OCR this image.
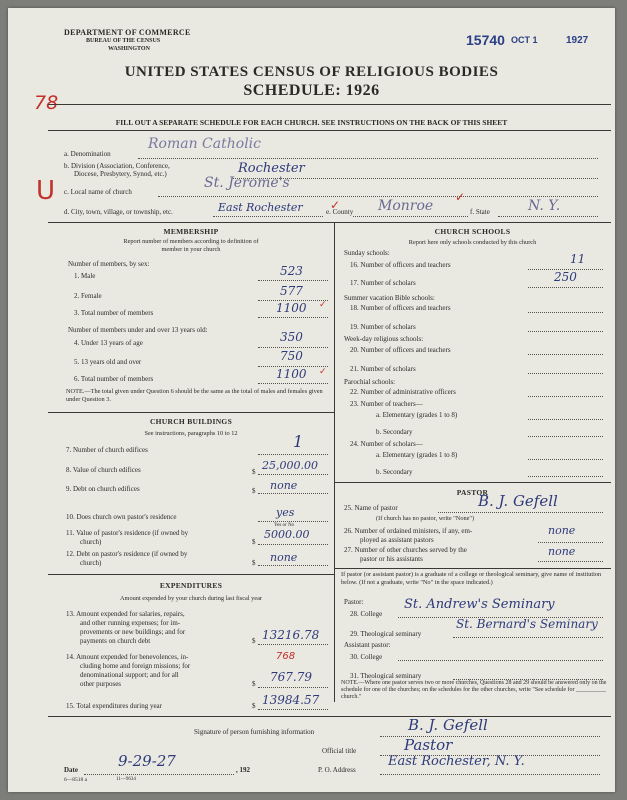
DEPARTMENT OF COMMERCE
BUREAU OF THE CENSUS
WASHINGTON
15740 OCT 1	1927
UNITED STATES CENSUS OF RELIGIOUS BODIES
SCHEDULE: 1926
78
FILL OUT A SEPARATE SCHEDULE FOR EACH CHURCH. SEE INSTRUCTIONS ON THE BACK OF THIS SHEET
a. Denomination
Roman Catholic
b. Division (Association, Conference,
Diocese, Presbytery, Synod, etc.)	Rochester
c. Local name of church
St. Jerome's
U
d. City, town, village, or township, etc.	East Rochester	e. County Monroe	f. State	N. Y.
MEMBERSHIP
Report number of members according to definition of
member in your church
Number of members, by sex:
1. Male	523
2. Female	577
3. Total number of members	1100
Number of members under and over 13 years old:
4. Under 13 years of age	350
5. 13 years old and over	750
6. Total number of members	1100
NOTE.—The total given under Question 6 should be the same as the total of males and females given under Question 3.
CHURCH BUILDINGS
See instructions, paragraphs 10 to 12
7. Number of church edifices	1
8. Value of church edifices	$ 25,000.00
9. Debt on church edifices	$ none
10. Does church own pastor's residence	yes
Yes or No
11. Value of pastor's residence (if owned by
church)	$
5000.00
12. Debt on pastor's residence (if owned by
church)	$ none
EXPENDITURES
Amount expended by your church during last fiscal year
13. Amount expended for salaries, repairs,
and other running expenses; for im-
provements or new buildings; and for
payments on church debt	$ 13216.78
14. Amount expended for benevolences, in-
cluding home and foreign missions; for
denominational support; and for all
other purposes
768
$ 767.79
15. Total expenditures during year	$ 13984.57
CHURCH SCHOOLS
Report here only schools conducted by this church
Sunday schools:
16. Number of officers and teachers	11
17. Number of scholars	250
Summer vacation Bible schools:
18. Number of officers and teachers
19. Number of scholars
Week-day religious schools:
20. Number of officers and teachers
21. Number of scholars
Parochial schools:
22. Number of administrative officers
23. Number of teachers—
a. Elementary (grades 1 to 8)
b. Secondary
24. Number of scholars—
a. Elementary (grades 1 to 8)
b. Secondary
PASTOR
25. Name of pastor	B. J. Gefell
(If church has no pastor, write "None")
26. Number of ordained ministers, if any, em-
ployed as assistant pastors
none
27. Number of other churches served by the
pastor or his assistants
none
If pastor (or assistant pastor) is a graduate of a college or theological seminary, give name of institution below. (If not a graduate, write "No" in the space indicated.)
Pastor:
28. College
St. Andrew's Seminary
29. Theological seminary
St. Bernard's Seminary
Assistant pastor:
30. College
31. Theological seminary
NOTE.—Where one pastor serves two or more churches, Questions 28 and 29 should be answered only on the schedule for one of the churches; on the schedules for the other churches, write "See schedule for __________ church."
Signature of person furnishing information	B. J. Gefell
Official title	Pastor
Date	9-29-27	, 192	P. O. Address
East Rochester, N. Y.
6—8518 a	11—9634
✓
✓
✓
✓
